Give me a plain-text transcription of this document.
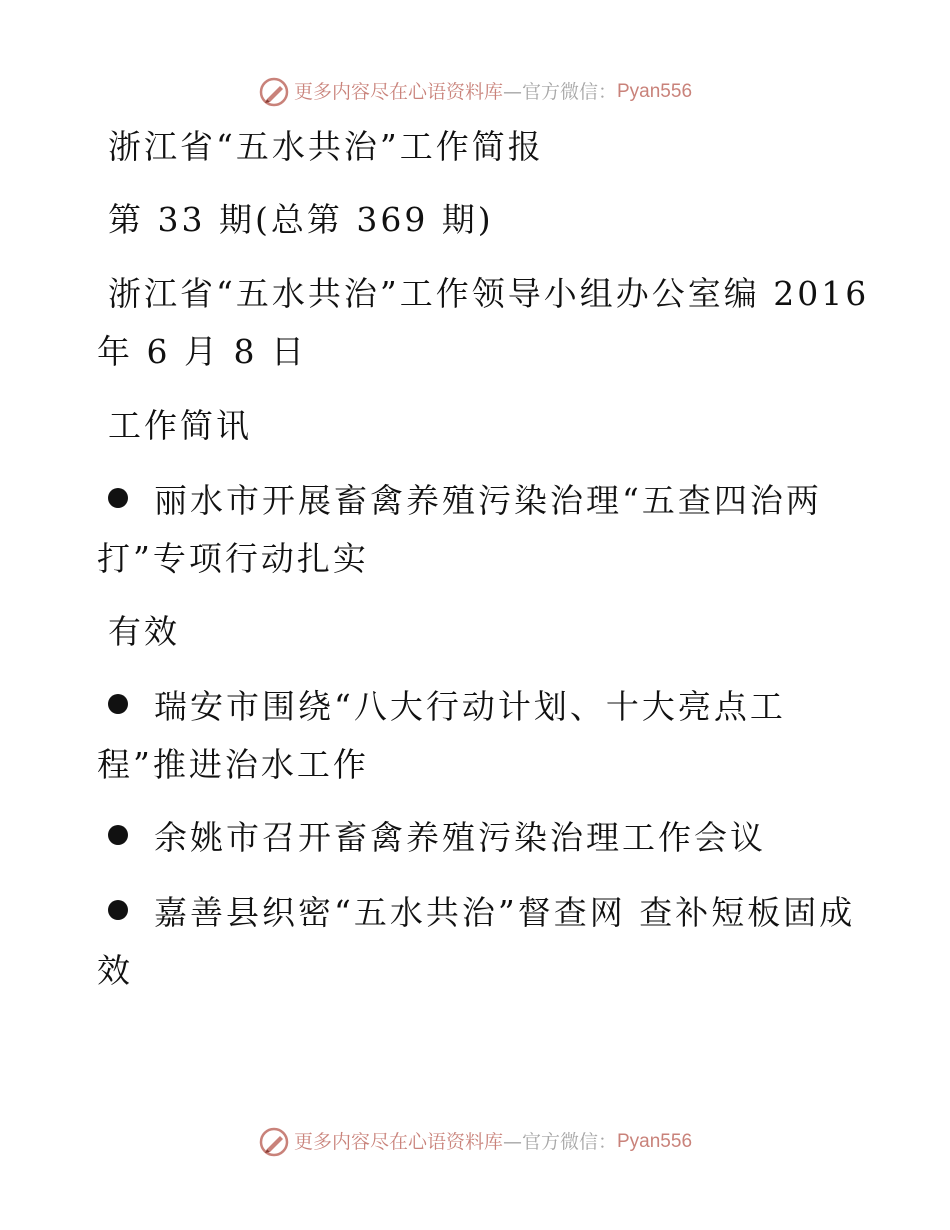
更多内容尽在心语资料库 — 官方微信： Pyan556
浙江省“五水共治”工作简报
第 33 期(总第 369 期)
浙江省“五水共治”工作领导小组办公室编 2016
年 6 月 8 日
工作简讯
丽水市开展畜禽养殖污染治理“五查四治两
打”专项行动扎实
有效
瑞安市围绕“八大行动计划、十大亮点工
程”推进治水工作
余姚市召开畜禽养殖污染治理工作会议
嘉善县织密“五水共治”督查网 查补短板固成
效
更多内容尽在心语资料库 — 官方微信： Pyan556
